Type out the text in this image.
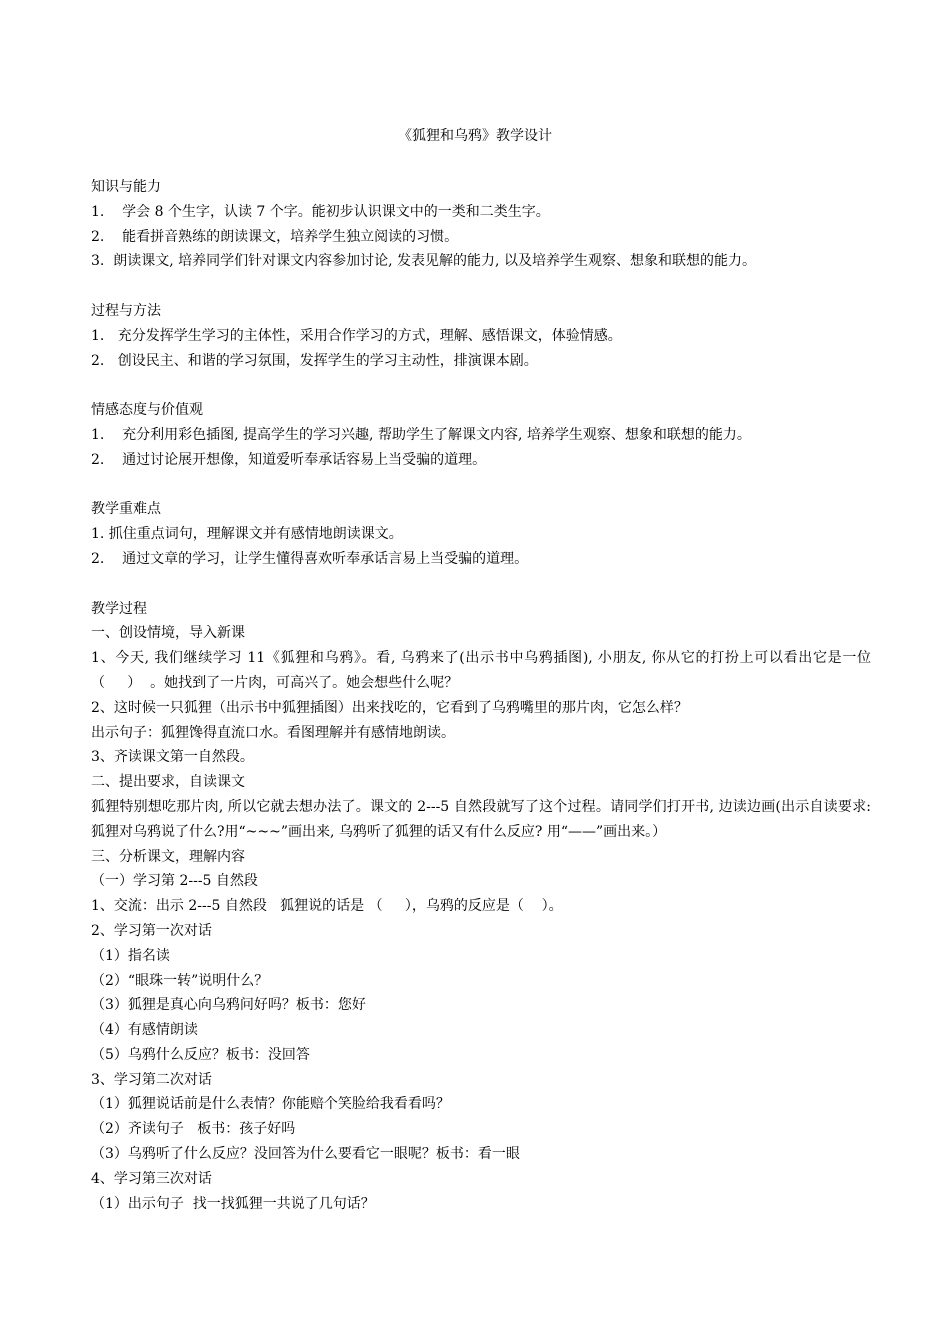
《狐狸和乌鸦》教学设计
知识与能力
1.    学会 8 个生字，认读 7 个字。能初步认识课文中的一类和二类生字。
2.    能看拼音熟练的朗读课文，培养学生独立阅读的习惯。
3.  朗读课文, 培养同学们针对课文内容参加讨论, 发表见解的能力, 以及培养学生观察、想象和联想的能力。
过程与方法
1.   充分发挥学生学习的主体性，采用合作学习的方式，理解、感悟课文，体验情感。
2.   创设民主、和谐的学习氛围，发挥学生的学习主动性，排演课本剧。
情感态度与价值观
1.    充分利用彩色插图, 提高学生的学习兴趣, 帮助学生了解课文内容, 培养学生观察、想象和联想的能力。
2.    通过讨论展开想像，知道爱听奉承话容易上当受骗的道理。
教学重难点
1. 抓住重点词句，理解课文并有感情地朗读课文。
2.    通过文章的学习，让学生懂得喜欢听奉承话言易上当受骗的道理。
教学过程
一、创设情境，导入新课
1、今天, 我们继续学习 11《狐狸和乌鸦》。看, 乌鸦来了(出示书中乌鸦插图), 小朋友, 你从它的打扮上可以看出它是一位（     ）  。她找到了一片肉，可高兴了。她会想些什么呢？
2、这时候一只狐狸（出示书中狐狸插图）出来找吃的，它看到了乌鸦嘴里的那片肉，它怎么样？
出示句子：狐狸馋得直流口水。看图理解并有感情地朗读。
3、齐读课文第一自然段。
二、提出要求，自读课文
狐狸特别想吃那片肉, 所以它就去想办法了。课文的 2---5 自然段就写了这个过程。请同学们打开书, 边读边画(出示自读要求: 狐狸对乌鸦说了什么?用“~~~”画出来, 乌鸦听了狐狸的话又有什么反应? 用“——”画出来。）
三、分析课文，理解内容
（一）学习第 2---5 自然段
1、交流：出示 2---5 自然段   狐狸说的话是 （     ），乌鸦的反应是（    ）。
2、学习第一次对话
（1）指名读
（2）“眼珠一转”说明什么？
（3）狐狸是真心向乌鸦问好吗？板书：您好
（4）有感情朗读
（5）乌鸦什么反应？板书：没回答
3、学习第二次对话
（1）狐狸说话前是什么表情？你能赔个笑脸给我看看吗？
（2）齐读句子   板书：孩子好吗
（3）乌鸦听了什么反应？没回答为什么要看它一眼呢？板书：看一眼
4、学习第三次对话
（1）出示句子  找一找狐狸一共说了几句话？
